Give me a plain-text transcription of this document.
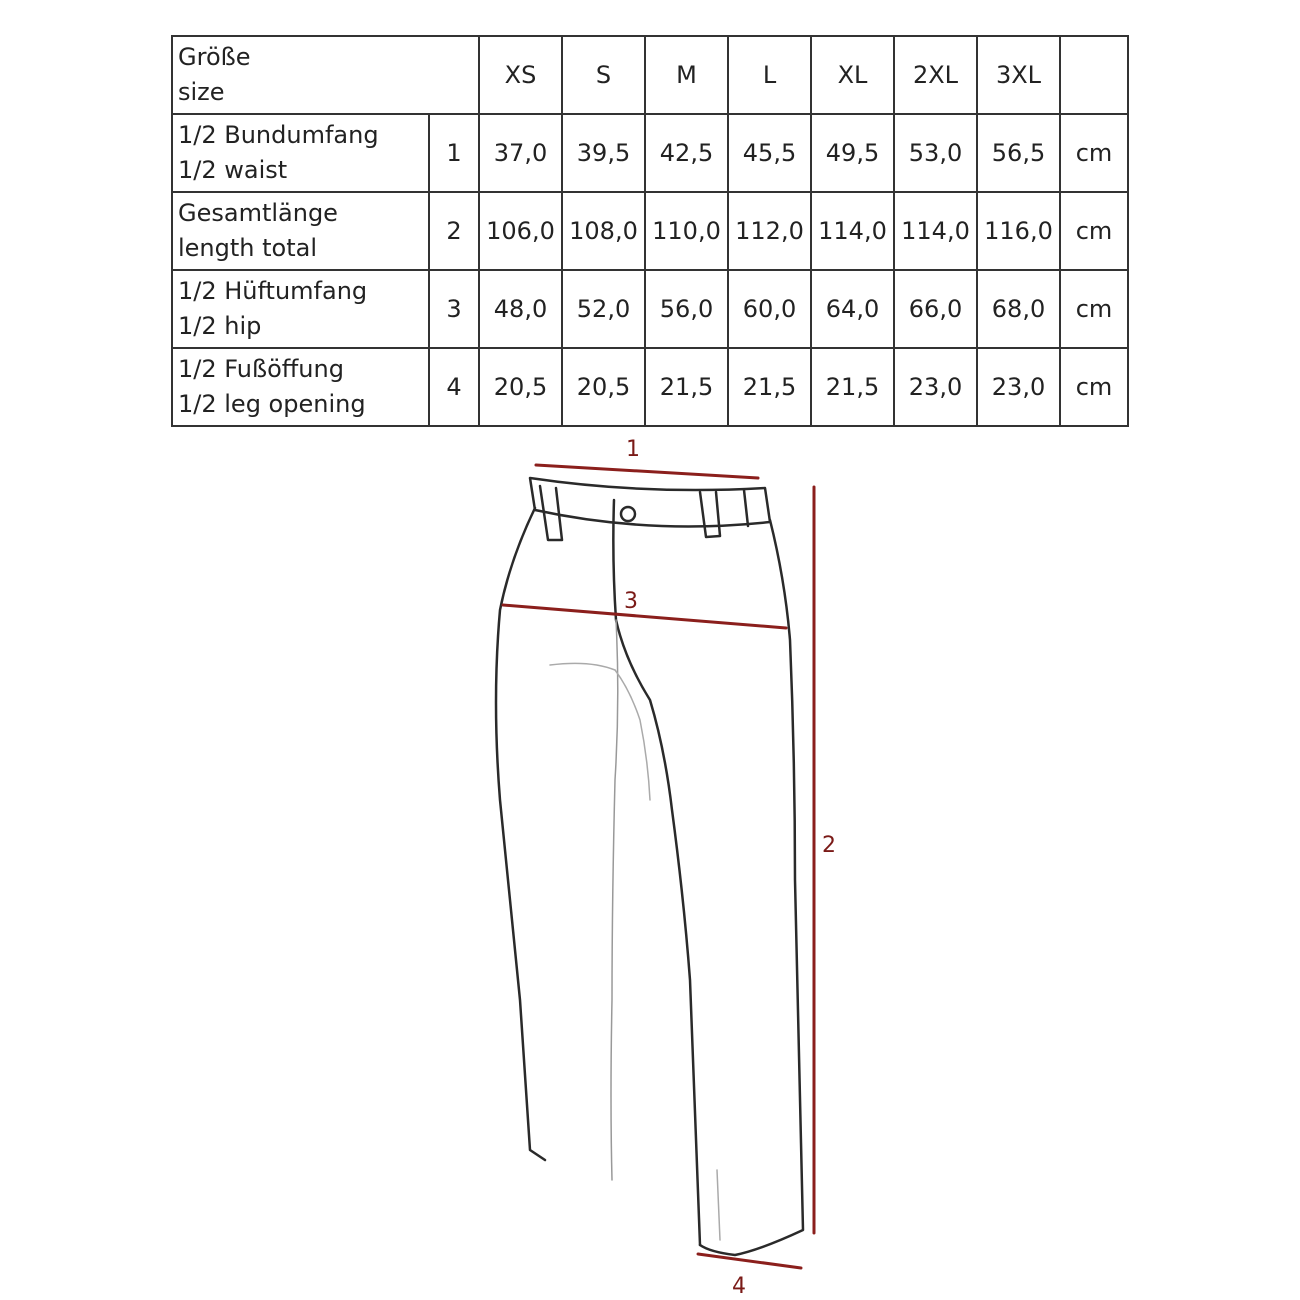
Größe
size		XS	S	M	L	XL	2XL	3XL	

1/2 Bundumfang
1/2 waist	1	37,0	39,5	42,5	45,5	49,5	53,0	56,5	cm

Gesamtlänge
length total	2	106,0	108,0	110,0	112,0	114,0	114,0	116,0	cm

1/2 Hüftumfang
1/2 hip	3	48,0	52,0	56,0	60,0	64,0	66,0	68,0	cm

1/2 Fußöffung
1/2 leg opening	4	20,5	20,5	21,5	21,5	21,5	23,0	23,0	cm
1
2
3
4
